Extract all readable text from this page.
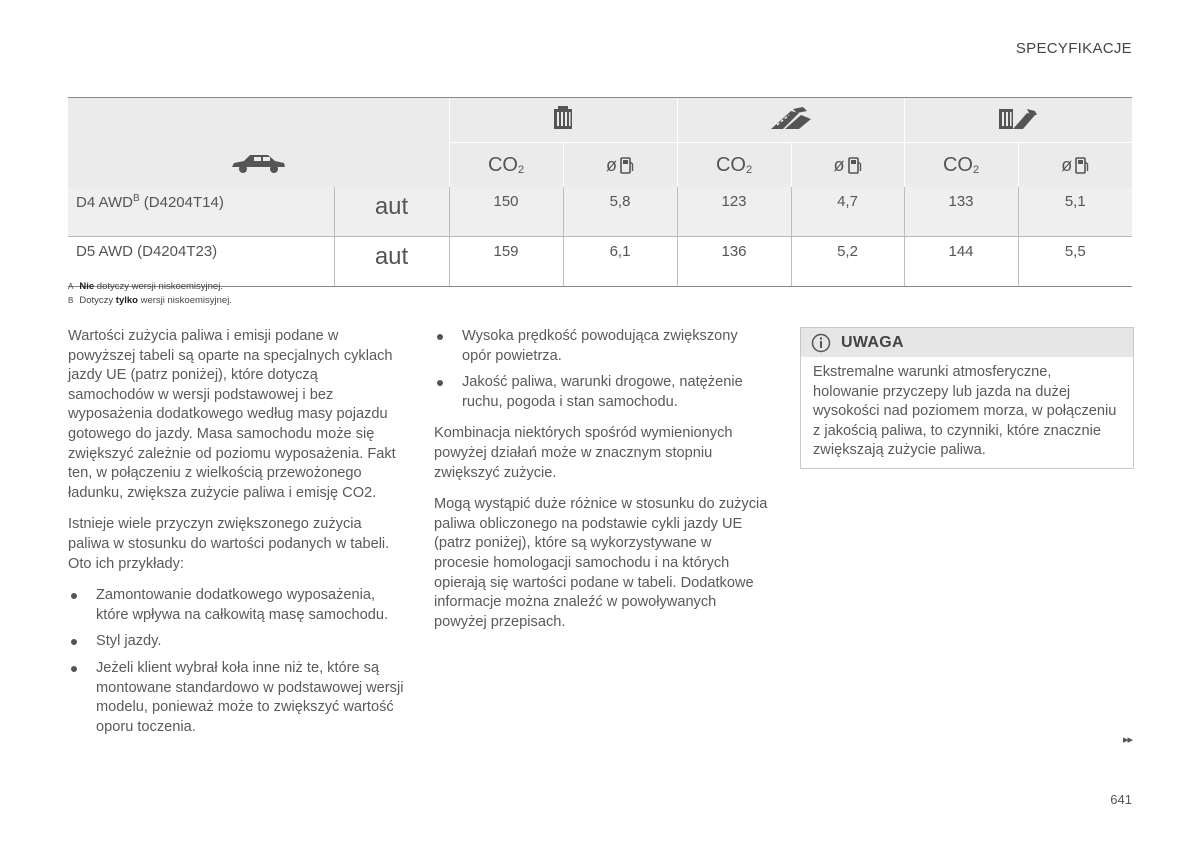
SPECYFIKACJE

		$CO_2$	ø	$CO_2$	ø	$CO_2$	ø

D4 $AWD^B$ (D4204T14)	aut	150	5,8	123	4,7	133	5,1
D5 AWD (D4204T23)	aut	159	6,1	136	5,2	144	5,5
A Nie dotyczy wersji niskoemisyjnej.
B Dotyczy tylko wersji niskoemisyjnej.

Wartości zużycia paliwa i emisji podane w powyższej tabeli są oparte na specjalnych cyklach jazdy UE (patrz poniżej), które dotyczą samochodów w wersji podstawowej i bez wyposażenia dodatkowego według masy pojazdu gotowego do jazdy. Masa samochodu może się zwiększyć zależnie od poziomu wyposażenia. Fakt ten, w połączeniu z wielkością przewożonego ładunku, zwiększa zużycie paliwa i emisję CO2.

Istnieje wiele przyczyn zwiększonego zużycia paliwa w stosunku do wartości podanych w tabeli. Oto ich przykłady:

Zamontowanie dodatkowego wyposażenia, które wpływa na całkowitą masę samochodu.
Styl jazdy.
Jeżeli klient wybrał koła inne niż te, które są montowane standardowo w podstawowej wersji modelu, ponieważ może to zwiększyć wartość oporu toczenia.
Wysoka prędkość powodująca zwiększony opór powietrza.
Jakość paliwa, warunki drogowe, natężenie ruchu, pogoda i stan samochodu.

Kombinacja niektórych spośród wymienionych powyżej działań może w znacznym stopniu zwiększyć zużycie.

Mogą wystąpić duże różnice w stosunku do zużycia paliwa obliczonego na podstawie cykli jazdy UE (patrz poniżej), które są wykorzystywane w procesie homologacji samochodu i na których opierają się wartości podane w tabeli. Dodatkowe informacje można znaleźć w powoływanych powyżej przepisach.

UWAGA
Ekstremalne warunki atmosferyczne, holowanie przyczepy lub jazda na dużej wysokości nad poziomem morza, w połączeniu z jakością paliwa, to czynniki, które znacznie zwiększają zużycie paliwa.
▸▸
641
